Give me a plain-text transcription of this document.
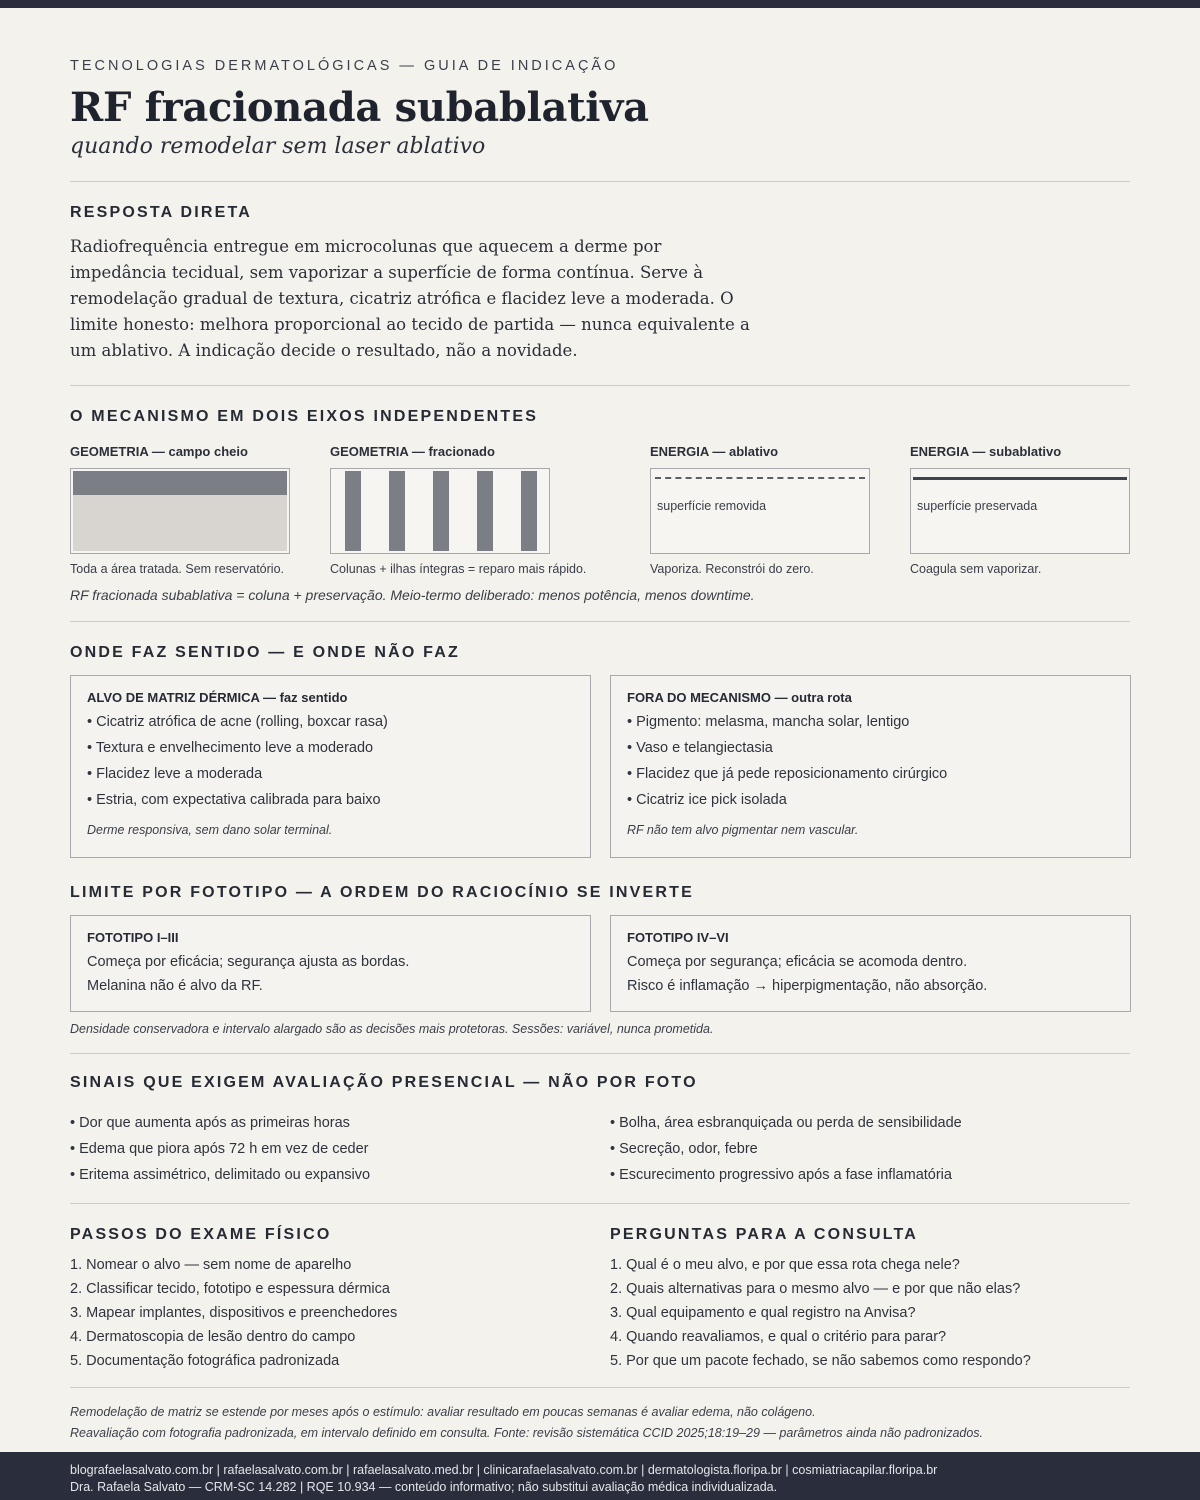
TECNOLOGIAS DERMATOLÓGICAS — GUIA DE INDICAÇÃO
RF fracionada subablativa
quando remodelar sem laser ablativo
RESPOSTA DIRETA

Radiofrequência entregue em microcolunas que aquecem a derme por impedância tecidual, sem vaporizar a superfície de forma contínua. Serve à remodelação gradual de textura, cicatriz atrófica e flacidez leve a moderada. O limite honesto: melhora proporcional ao tecido de partida — nunca equivalente a um ablativo. A indicação decide o resultado, não a novidade.

O MECANISMO EM DOIS EIXOS INDEPENDENTES
GEOMETRIA — campo cheio
Toda a área tratada. Sem reservatório.
GEOMETRIA — fracionado
Colunas + ilhas íntegras = reparo mais rápido.
ENERGIA — ablativo
superfície removida
Vaporiza. Reconstrói do zero.
ENERGIA — subablativo
superfície preservada
Coagula sem vaporizar.
RF fracionada subablativa = coluna + preservação. Meio-termo deliberado: menos potência, menos downtime.
ONDE FAZ SENTIDO — E ONDE NÃO FAZ
ALVO DE MATRIZ DÉRMICA — faz sentido
• Cicatriz atrófica de acne (rolling, boxcar rasa)
• Textura e envelhecimento leve a moderado
• Flacidez leve a moderada
• Estria, com expectativa calibrada para baixo
Derme responsiva, sem dano solar terminal.
FORA DO MECANISMO — outra rota
• Pigmento: melasma, mancha solar, lentigo
• Vaso e telangiectasia
• Flacidez que já pede reposicionamento cirúrgico
• Cicatriz ice pick isolada
RF não tem alvo pigmentar nem vascular.
LIMITE POR FOTOTIPO — A ORDEM DO RACIOCÍNIO SE INVERTE
FOTOTIPO I–III
Começa por eficácia; segurança ajusta as bordas.
Melanina não é alvo da RF.
FOTOTIPO IV–VI
Começa por segurança; eficácia se acomoda dentro.
Risco é inflamação → hiperpigmentação, não absorção.
Densidade conservadora e intervalo alargado são as decisões mais protetoras. Sessões: variável, nunca prometida.
SINAIS QUE EXIGEM AVALIAÇÃO PRESENCIAL — NÃO POR FOTO
• Dor que aumenta após as primeiras horas
• Edema que piora após 72 h em vez de ceder
• Eritema assimétrico, delimitado ou expansivo
• Bolha, área esbranquiçada ou perda de sensibilidade
• Secreção, odor, febre
• Escurecimento progressivo após a fase inflamatória
PASSOS DO EXAME FÍSICO	PERGUNTAS PARA A CONSULTA
1. Nomear o alvo — sem nome de aparelho
2. Classificar tecido, fototipo e espessura dérmica
3. Mapear implantes, dispositivos e preenchedores
4. Dermatoscopia de lesão dentro do campo
5. Documentação fotográfica padronizada
1. Qual é o meu alvo, e por que essa rota chega nele?
2. Quais alternativas para o mesmo alvo — e por que não elas?
3. Qual equipamento e qual registro na Anvisa?
4. Quando reavaliamos, e qual o critério para parar?
5. Por que um pacote fechado, se não sabemos como respondo?
Remodelação de matriz se estende por meses após o estímulo: avaliar resultado em poucas semanas é avaliar edema, não colágeno.
Reavaliação com fotografia padronizada, em intervalo definido em consulta. Fonte: revisão sistemática CCID 2025;18:19–29 — parâmetros ainda não padronizados.
blografaelasalvato.com.br | rafaelasalvato.com.br | rafaelasalvato.med.br | clinicarafaelasalvato.com.br | dermatologista.floripa.br | cosmiatriacapilar.floripa.br
Dra. Rafaela Salvato — CRM-SC 14.282 | RQE 10.934 — conteúdo informativo; não substitui avaliação médica individualizada.
